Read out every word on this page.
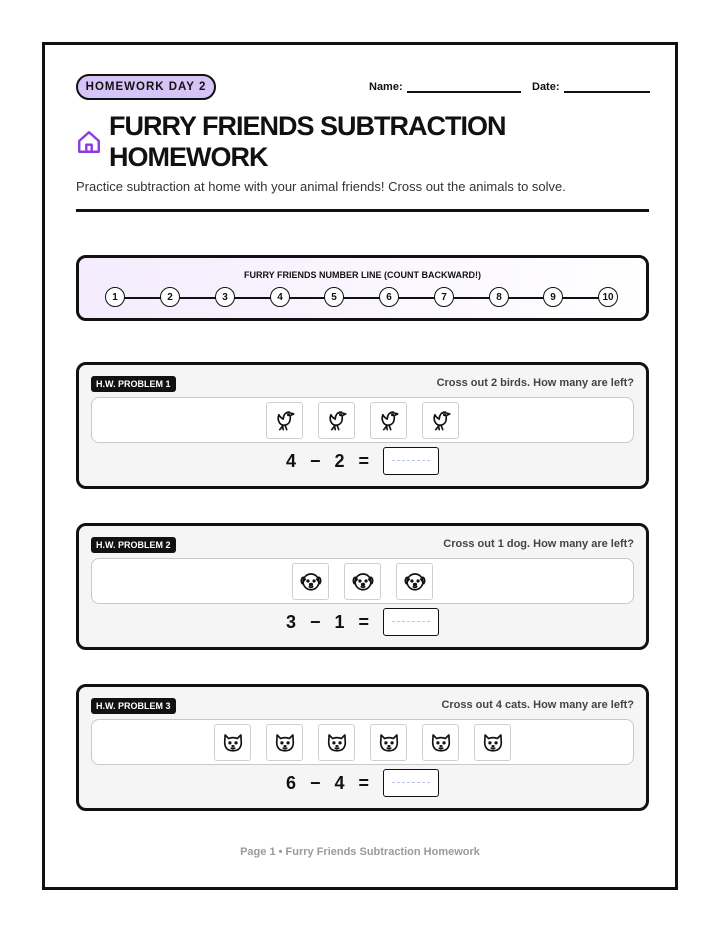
HOMEWORK DAY 2	Name:	Date:
FURRY FRIENDS SUBTRACTION HOMEWORK
Practice subtraction at home with your animal friends! Cross out the animals to solve.
FURRY FRIENDS NUMBER LINE (COUNT BACKWARD!)
1	2	3	4	5	6	7	8	9	10
H.W. PROBLEM 1	Cross out 2 birds. How many are left?
4 − 2 =
H.W. PROBLEM 2	Cross out 1 dog. How many are left?
3 − 1 =
H.W. PROBLEM 3	Cross out 4 cats. How many are left?
6 − 4 =
Page 1 • Furry Friends Subtraction Homework
